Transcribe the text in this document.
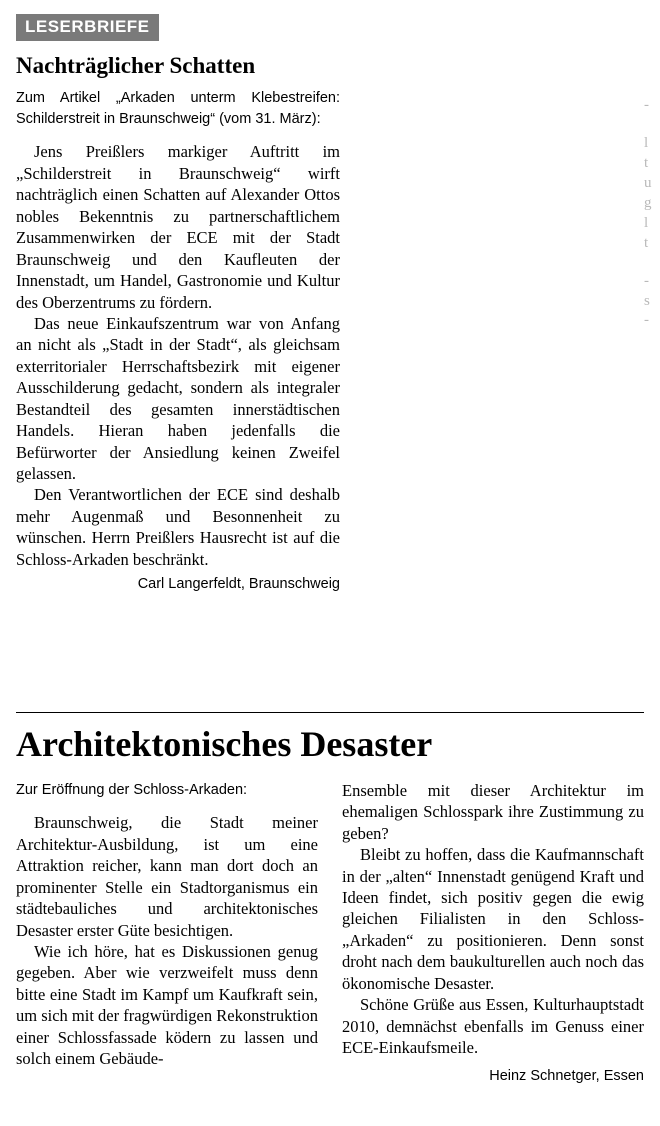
LESERBRIEFE
Nachträglicher Schatten

Zum Artikel „Arkaden unterm Klebestreifen: Schilderstreit in Braunschweig“ (vom 31. März):

Jens Preißlers markiger Auftritt im „Schilderstreit in Braunschweig“ wirft nachträglich einen Schatten auf Alexander Ottos nobles Bekenntnis zu partnerschaftlichem Zusammenwirken der ECE mit der Stadt Braunschweig und den Kaufleuten der Innenstadt, um Handel, Gastronomie und Kultur des Oberzentrums zu fördern.

Das neue Einkaufszentrum war von Anfang an nicht als „Stadt in der Stadt“, als gleichsam exterritorialer Herrschaftsbezirk mit eigener Ausschilderung gedacht, sondern als integraler Bestandteil des gesamten innerstädtischen Handels. Hieran haben jedenfalls die Befürworter der Ansiedlung keinen Zweifel gelassen.

Den Verantwortlichen der ECE sind deshalb mehr Augenmaß und Besonnenheit zu wünschen. Herrn Preißlers Hausrecht ist auf die Schloss-Arkaden beschränkt.

Carl Langerfeldt, Braunschweig

-
l
t
u
g
l
t
-
s
-
Architektonisches Desaster

Zur Eröffnung der Schloss-Arkaden:

Braunschweig, die Stadt meiner Architektur-Ausbildung, ist um eine Attraktion reicher, kann man dort doch an prominenter Stelle ein Stadtorganismus ein städtebauliches und architektonisches Desaster erster Güte besichtigen.

Wie ich höre, hat es Diskussionen genug gegeben. Aber wie verzweifelt muss denn bitte eine Stadt im Kampf um Kaufkraft sein, um sich mit der fragwürdigen Rekonstruktion einer Schlossfassade ködern zu lassen und solch einem Gebäude-

Ensemble mit dieser Architektur im ehemaligen Schlosspark ihre Zustimmung zu geben?

Bleibt zu hoffen, dass die Kaufmannschaft in der „alten“ Innenstadt genügend Kraft und Ideen findet, sich positiv gegen die ewig gleichen Filialisten in den Schloss-„Arkaden“ zu positionieren. Denn sonst droht nach dem baukulturellen auch noch das ökonomische Desaster.

Schöne Grüße aus Essen, Kulturhauptstadt 2010, demnächst ebenfalls im Genuss einer ECE-Einkaufsmeile.

Heinz Schnetger, Essen
